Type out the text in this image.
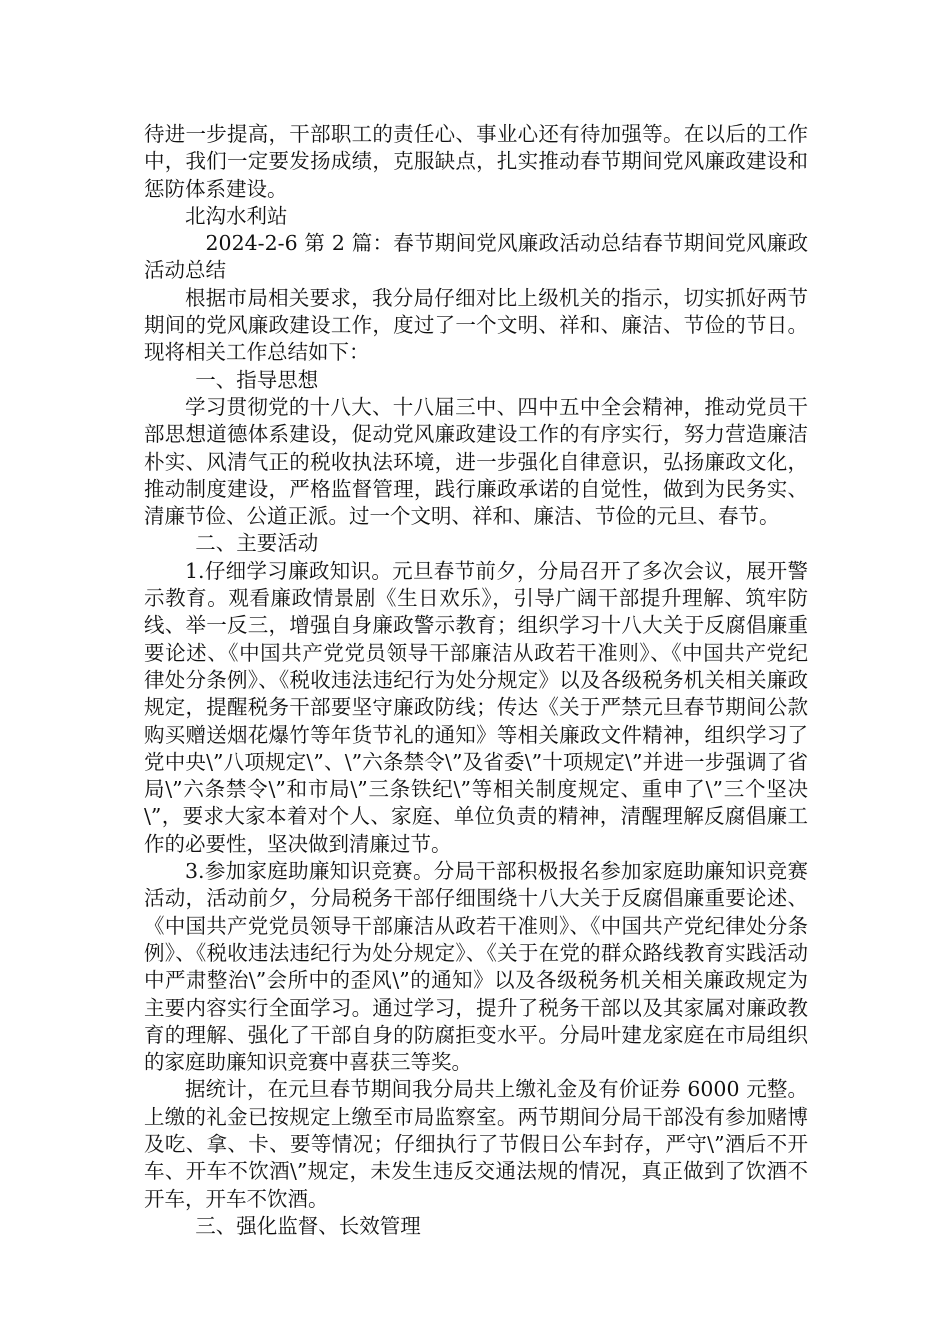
待进一步提高，干部职工的责任心、事业心还有待加强等。在以后的工作中，我们一定要发扬成绩，克服缺点，扎实推动春节期间党风廉政建设和惩防体系建设。

北沟水利站

2024-2-6 第 2 篇：春节期间党风廉政活动总结春节期间党风廉政活动总结

根据市局相关要求，我分局仔细对比上级机关的指示，切实抓好两节期间的党风廉政建设工作，度过了一个文明、祥和、廉洁、节俭的节日。现将相关工作总结如下：

一、指导思想

学习贯彻党的十八大、十八届三中、四中五中全会精神，推动党员干部思想道德体系建设，促动党风廉政建设工作的有序实行，努力营造廉洁朴实、风清气正的税收执法环境，进一步强化自律意识，弘扬廉政文化，推动制度建设，严格监督管理，践行廉政承诺的自觉性，做到为民务实、清廉节俭、公道正派。过一个文明、祥和、廉洁、节俭的元旦、春节。

二、主要活动

1.仔细学习廉政知识。元旦春节前夕，分局召开了多次会议，展开警示教育。观看廉政情景剧《生日欢乐》，引导广阔干部提升理解、筑牢防线、举一反三，增强自身廉政警示教育；组织学习十八大关于反腐倡廉重要论述、《中国共产党党员领导干部廉洁从政若干准则》、《中国共产党纪律处分条例》、《税收违法违纪行为处分规定》以及各级税务机关相关廉政规定，提醒税务干部要坚守廉政防线；传达《关于严禁元旦春节期间公款购买赠送烟花爆竹等年货节礼的通知》等相关廉政文件精神，组织学习了党中央\”八项规定\”、\”六条禁令\”及省委\”十项规定\”并进一步强调了省局\”六条禁令\”和市局\”三条铁纪\”等相关制度规定、重申了\”三个坚决\”，要求大家本着对个人、家庭、单位负责的精神，清醒理解反腐倡廉工作的必要性，坚决做到清廉过节。

3.参加家庭助廉知识竞赛。分局干部积极报名参加家庭助廉知识竞赛活动，活动前夕，分局税务干部仔细围绕十八大关于反腐倡廉重要论述、《中国共产党党员领导干部廉洁从政若干准则》、《中国共产党纪律处分条例》、《税收违法违纪行为处分规定》、《关于在党的群众路线教育实践活动中严肃整治\”会所中的歪风\”的通知》以及各级税务机关相关廉政规定为主要内容实行全面学习。通过学习，提升了税务干部以及其家属对廉政教育的理解、强化了干部自身的防腐拒变水平。分局叶建龙家庭在市局组织的家庭助廉知识竞赛中喜获三等奖。

据统计，在元旦春节期间我分局共上缴礼金及有价证券 6000 元整。上缴的礼金已按规定上缴至市局监察室。两节期间分局干部没有参加赌博及吃、拿、卡、要等情况；仔细执行了节假日公车封存，严守\”酒后不开车、开车不饮酒\”规定，未发生违反交通法规的情况，真正做到了饮酒不开车，开车不饮酒。

三、强化监督、长效管理
